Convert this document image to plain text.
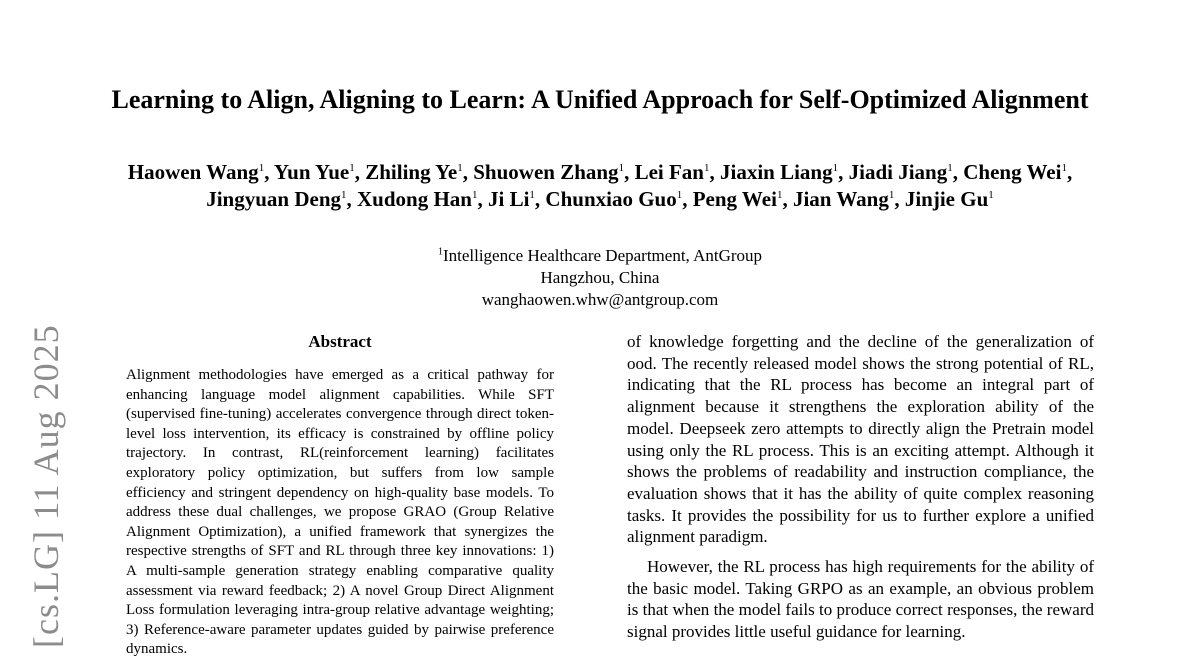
[cs.LG] 11 Aug 2025
Learning to Align, Aligning to Learn: A Unified Approach for Self-Optimized Alignment
Haowen Wang$^1$, Yun Yue$^1$, Zhiling Ye$^1$, Shuowen Zhang$^1$, Lei Fan$^1$, Jiaxin Liang$^1$, Jiadi Jiang$^1$, Cheng Wei$^1$, Jingyuan Deng$^1$, Xudong Han$^1$, Ji Li$^1$, Chunxiao Guo$^1$, Peng Wei$^1$, Jian Wang$^1$, Jinjie Gu$^1$
$^1$Intelligence Healthcare Department, AntGroup
Hangzhou, China
wanghaowen.whw@antgroup.com
Abstract

Alignment methodologies have emerged as a critical pathway for enhancing language model alignment capabilities. While SFT (supervised fine-tuning) accelerates convergence through direct token-level loss intervention, its efficacy is constrained by offline policy trajectory. In contrast, RL(reinforcement learning) facilitates exploratory policy optimization, but suffers from low sample efficiency and stringent dependency on high-quality base models. To address these dual challenges, we propose GRAO (Group Relative Alignment Optimization), a unified framework that synergizes the respective strengths of SFT and RL through three key innovations: 1) A multi-sample generation strategy enabling comparative quality assessment via reward feedback; 2) A novel Group Direct Alignment Loss formulation leveraging intra-group relative advantage weighting; 3) Reference-aware parameter updates guided by pairwise preference dynamics.

of knowledge forgetting and the decline of the generalization of ood. The recently released model shows the strong potential of RL, indicating that the RL process has become an integral part of alignment because it strengthens the exploration ability of the model. Deepseek zero attempts to directly align the Pretrain model using only the RL process. This is an exciting attempt. Although it shows the problems of readability and instruction compliance, the evaluation shows that it has the ability of quite complex reasoning tasks. It provides the possibility for us to further explore a unified alignment paradigm.

However, the RL process has high requirements for the ability of the basic model. Taking GRPO as an example, an obvious problem is that when the model fails to produce correct responses, the reward signal provides little useful guidance for learning.
